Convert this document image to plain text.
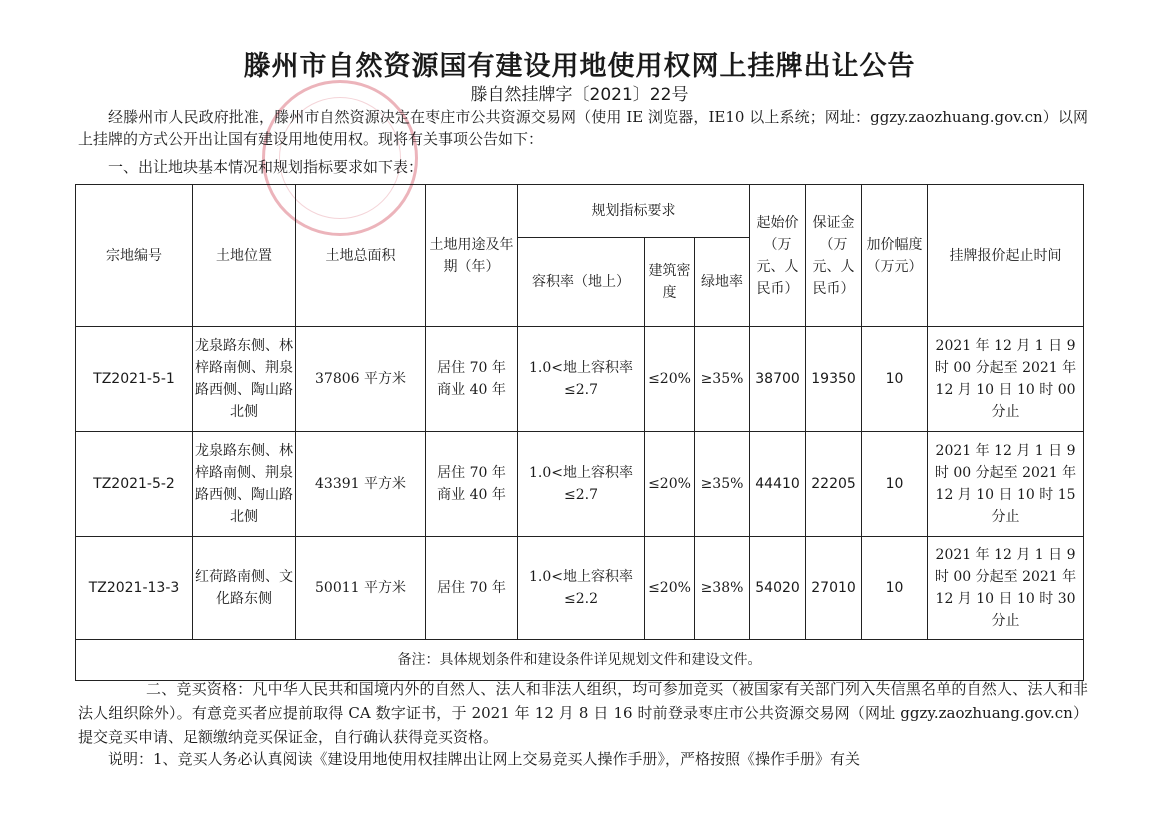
滕州市自然资源国有建设用地使用权网上挂牌出让公告
滕自然挂牌字〔2021〕22号
经滕州市人民政府批准，滕州市自然资源决定在枣庄市公共资源交易网（使用 IE 浏览器，IE10 以上系统；网址：ggzy.zaozhuang.gov.cn）以网上挂牌的方式公开出让国有建设用地使用权。现将有关事项公告如下：
一、出让地块基本情况和规划指标要求如下表：
宗地编号	土地位置	土地总面积	土地用途及年期（年）	规划指标要求			起始价（万元、人民币）	保证金（万元、人民币）	加价幅度（万元）	挂牌报价起止时间
				容积率（地上）	建筑密度	绿地率				
TZ2021-5-1	龙泉路东侧、林梓路南侧、荆泉路西侧、陶山路北侧	37806 平方米	居住 70 年 商业 40 年	1.0<地上容积率≤2.7	≤20%	≥35%	38700	19350	10	2021 年 12 月 1 日 9 时 00 分起至 2021 年 12 月 10 日 10 时 00 分止
TZ2021-5-2	龙泉路东侧、林梓路南侧、荆泉路西侧、陶山路北侧	43391 平方米	居住 70 年 商业 40 年	1.0<地上容积率≤2.7	≤20%	≥35%	44410	22205	10	2021 年 12 月 1 日 9 时 00 分起至 2021 年 12 月 10 日 10 时 15 分止
TZ2021-13-3	红荷路南侧、文化路东侧	50011 平方米	居住 70 年	1.0<地上容积率≤2.2	≤20%	≥38%	54020	27010	10	2021 年 12 月 1 日 9 时 00 分起至 2021 年 12 月 10 日 10 时 30 分止
备注：具体规划条件和建设条件详见规划文件和建设文件。										
二、竞买资格：凡中华人民共和国境内外的自然人、法人和非法人组织，均可参加竞买（被国家有关部门列入失信黑名单的自然人、法人和非法人组织除外）。有意竞买者应提前取得 CA 数字证书，于 2021 年 12 月 8 日 16 时前登录枣庄市公共资源交易网（网址 ggzy.zaozhuang.gov.cn）提交竞买申请、足额缴纳竞买保证金，自行确认获得竞买资格。
说明：1、竞买人务必认真阅读《建设用地使用权挂牌出让网上交易竞买人操作手册》，严格按照《操作手册》有关
